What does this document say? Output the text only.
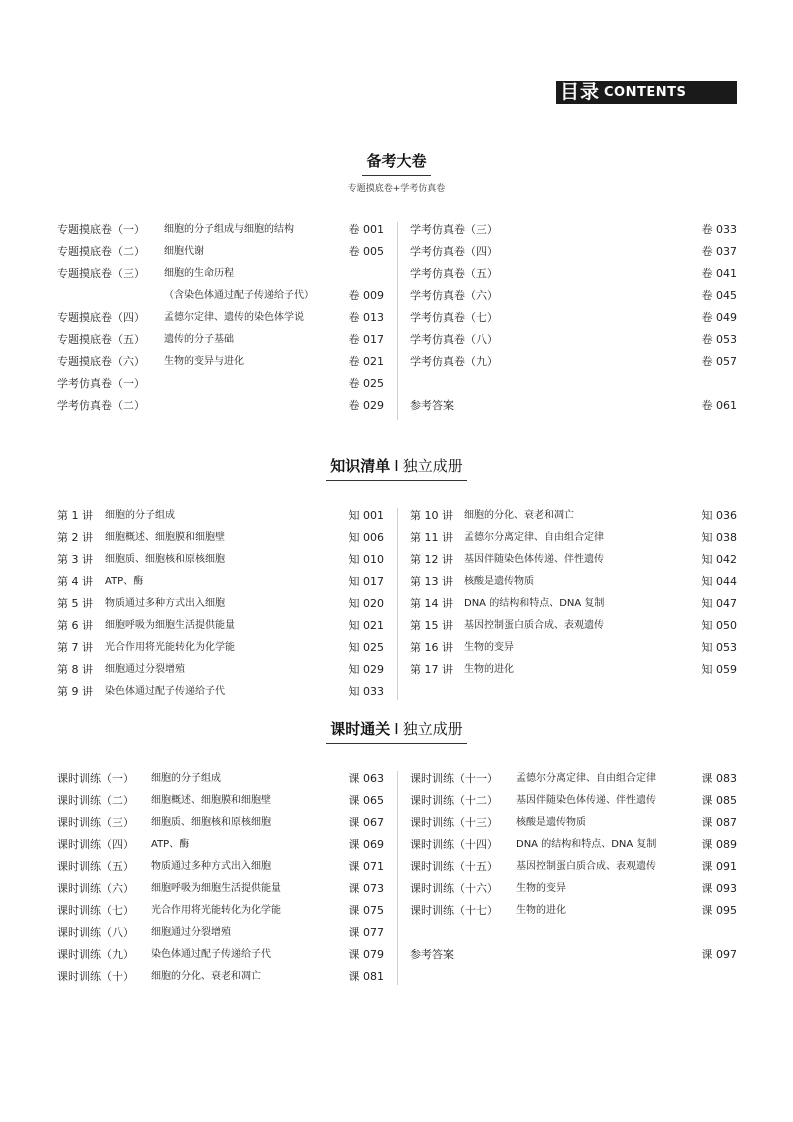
目录 CONTENTS
备考大卷
专题摸底卷+学考仿真卷
专题摸底卷（一） 细胞的分子组成与细胞的结构	卷 001
专题摸底卷（二） 细胞代谢	卷 005
专题摸底卷（三） 细胞的生命历程
（含染色体通过配子传递给子代）	卷 009
专题摸底卷（四） 孟德尔定律、遗传的染色体学说	卷 013
专题摸底卷（五） 遗传的分子基础	卷 017
专题摸底卷（六） 生物的变异与进化	卷 021
学考仿真卷（一）	卷 025
学考仿真卷（二）	卷 029
学考仿真卷（三）	卷 033
学考仿真卷（四）	卷 037
学考仿真卷（五）	卷 041
学考仿真卷（六）	卷 045
学考仿真卷（七）	卷 049
学考仿真卷（八）	卷 053
学考仿真卷（九）	卷 057
参考答案	卷 061
知识清单 I 独立成册
第 1 讲 细胞的分子组成	知 001
第 2 讲 细胞概述、细胞膜和细胞壁	知 006
第 3 讲 细胞质、细胞核和原核细胞	知 010
第 4 讲 ATP、酶	知 017
第 5 讲 物质通过多种方式出入细胞	知 020
第 6 讲 细胞呼吸为细胞生活提供能量	知 021
第 7 讲 光合作用将光能转化为化学能	知 025
第 8 讲 细胞通过分裂增殖	知 029
第 9 讲 染色体通过配子传递给子代	知 033
第 10 讲 细胞的分化、衰老和凋亡	知 036
第 11 讲 孟德尔分离定律、自由组合定律	知 038
第 12 讲 基因伴随染色体传递、伴性遗传	知 042
第 13 讲 核酸是遗传物质	知 044
第 14 讲 DNA 的结构和特点、DNA 复制	知 047
第 15 讲 基因控制蛋白质合成、表观遗传	知 050
第 16 讲 生物的变异	知 053
第 17 讲 生物的进化	知 059
课时通关 I 独立成册
课时训练（一） 细胞的分子组成	课 063
课时训练（二） 细胞概述、细胞膜和细胞壁	课 065
课时训练（三） 细胞质、细胞核和原核细胞	课 067
课时训练（四） ATP、酶	课 069
课时训练（五） 物质通过多种方式出入细胞	课 071
课时训练（六） 细胞呼吸为细胞生活提供能量	课 073
课时训练（七） 光合作用将光能转化为化学能	课 075
课时训练（八） 细胞通过分裂增殖	课 077
课时训练（九） 染色体通过配子传递给子代	课 079
课时训练（十） 细胞的分化、衰老和凋亡	课 081
课时训练（十一） 孟德尔分离定律、自由组合定律	课 083
课时训练（十二） 基因伴随染色体传递、伴性遗传	课 085
课时训练（十三） 核酸是遗传物质	课 087
课时训练（十四） DNA 的结构和特点、DNA 复制	课 089
课时训练（十五） 基因控制蛋白质合成、表观遗传	课 091
课时训练（十六） 生物的变异	课 093
课时训练（十七） 生物的进化	课 095
参考答案	课 097
